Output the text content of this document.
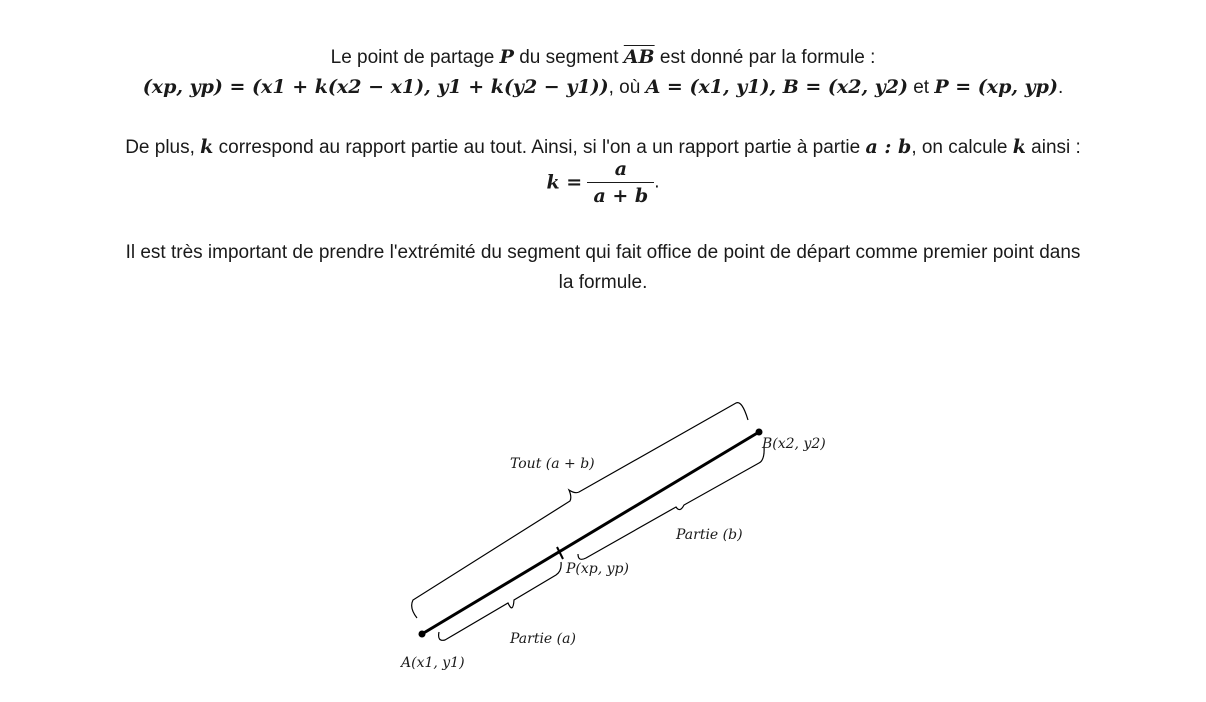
Le point de partage P du segment $\overline{AB}$ est donné par la formule :
(xp, yp) = (x1 + k(x2 − x1), y1 + k(y2 − y1)), où A = (x1, y1), B = (x2, y2) et P = (xp, yp).
De plus, k correspond au rapport partie au tout. Ainsi, si l'on a un rapport partie à partie a : b, on calcule k ainsi :
$k = \frac{a}{a + b}$ .
Il est très important de prendre l'extrémité du segment qui fait office de point de départ comme premier point dans
la formule.
Tout (a + b)
B(x2, y2)
Partie (b)
P(xp, yp)
Partie (a)
A(x1, y1)
